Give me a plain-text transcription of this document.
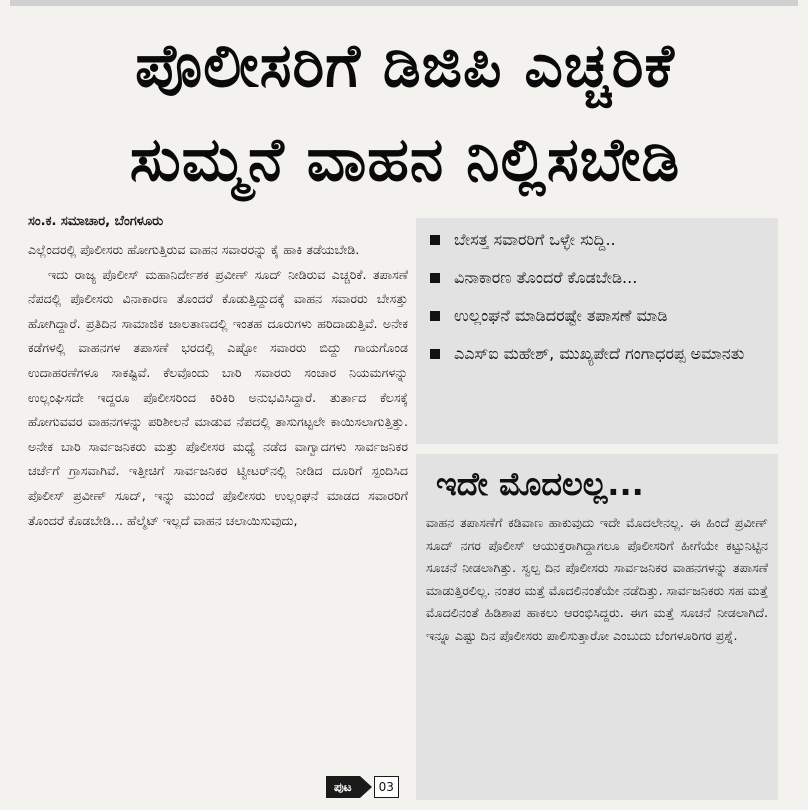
ಪೊಲೀಸರಿಗೆ ಡಿಜಿಪಿ ಎಚ್ಚರಿಕೆ
ಸುಮ್ಮನೆ ವಾಹನ ನಿಲ್ಲಿಸಬೇಡಿ
ಸಂ.ಕ. ಸಮಾಚಾರ, ಬೆಂಗಳೂರು

ಎಲ್ಲೆಂದರಲ್ಲಿ ಪೊಲೀಸರು ಹೋಗುತ್ತಿರುವ ವಾಹನ ಸವಾರರನ್ನು ಕೈ ಹಾಕಿ ತಡೆಯಬೇಡಿ.

ಇದು ರಾಜ್ಯ ಪೊಲೀಸ್ ಮಹಾನಿರ್ದೇಶಕ ಪ್ರವೀಣ್ ಸೂದ್ ನೀಡಿರುವ ಎಚ್ಚರಿಕೆ. ತಪಾಸಣೆ ನೆಪದಲ್ಲಿ ಪೊಲೀಸರು ವಿನಾಕಾರಣ ತೊಂದರೆ ಕೊಡುತ್ತಿದ್ದುದಕ್ಕೆ ವಾಹನ ಸವಾರರು ಬೇಸತ್ತು ಹೋಗಿದ್ದಾರೆ. ಪ್ರತಿದಿನ ಸಾಮಾಜಿಕ ಜಾಲತಾಣದಲ್ಲಿ ಇಂತಹ ದೂರುಗಳು ಹರಿದಾಡುತ್ತಿವೆ. ಅನೇಕ ಕಡೆಗಳಲ್ಲಿ ವಾಹನಗಳ ತಪಾಸಣೆ ಭರದಲ್ಲಿ ಎಷ್ಟೋ ಸವಾರರು ಬಿದ್ದು ಗಾಯಗೊಂಡ ಉದಾಹರಣೆಗಳೂ ಸಾಕಷ್ಟಿವೆ. ಕೆಲವೊಂದು ಬಾರಿ ಸವಾರರು ಸಂಚಾರ ನಿಯಮಗಳನ್ನು ಉಲ್ಲಂಘಿಸದೇ ಇದ್ದರೂ ಪೊಲೀಸರಿಂದ ಕಿರಿಕಿರಿ ಅನುಭವಿಸಿದ್ದಾರೆ. ತುರ್ತಾದ ಕೆಲಸಕ್ಕೆ ಹೋಗುವವರ ವಾಹನಗಳನ್ನು ಪರಿಶೀಲನೆ ಮಾಡುವ ನೆಪದಲ್ಲಿ ತಾಸುಗಟ್ಟಲೇ ಕಾಯಿಸಲಾಗುತ್ತಿತ್ತು. ಅನೇಕ ಬಾರಿ ಸಾರ್ವಜನಿಕರು ಮತ್ತು ಪೊಲೀಸರ ಮಧ್ಯೆ ನಡೆದ ವಾಗ್ವಾದಗಳು ಸಾರ್ವಜನಿಕರ ಚರ್ಚೆಗೆ ಗ್ರಾಸವಾಗಿವೆ. ಇತ್ತೀಚಿಗೆ ಸಾರ್ವಜನಿಕರ ಟ್ವೀಟರ್‌ನಲ್ಲಿ ನೀಡಿದ ದೂರಿಗೆ ಸ್ಪಂದಿಸಿದ ಪೊಲೀಸ್ ಪ್ರವೀಣ್ ಸೂದ್, ಇನ್ನು ಮುಂದೆ ಪೊಲೀಸರು ಉಲ್ಲಂಘನೆ ಮಾಡದ ಸವಾರರಿಗೆ ತೊಂದರೆ ಕೊಡಬೇಡಿ... ಹೆಲ್ಮೆಟ್ ಇಲ್ಲದೆ ವಾಹನ ಚಲಾಯಿಸುವುದು,

ಪುಟ	03
ಬೇಸತ್ತ ಸವಾರರಿಗೆ ಒಳ್ಳೇ ಸುದ್ದಿ..
ವಿನಾಕಾರಣ ತೊಂದರೆ ಕೊಡಬೇಡಿ...
ಉಲ್ಲಂಘನೆ ಮಾಡಿದರಷ್ಟೇ ತಪಾಸಣೆ ಮಾಡಿ
ಎಎಸ್‌ಐ ಮಹೇಶ್, ಮುಖ್ಯಪೇದೆ ಗಂಗಾಧರಪ್ಪ ಅಮಾನತು
ಇದೇ ಮೊದಲಲ್ಲ...
ವಾಹನ ತಪಾಸಣೆಗೆ ಕಡಿವಾಣ ಹಾಕುವುದು ಇದೇ ಮೊದಲೇನಲ್ಲ. ಈ ಹಿಂದೆ ಪ್ರವೀಣ್ ಸೂದ್ ನಗರ ಪೊಲೀಸ್ ಆಯುಕ್ತರಾಗಿದ್ದಾಗಲೂ ಪೊಲೀಸರಿಗೆ ಹೀಗೆಯೇ ಕಟ್ಟುನಿಟ್ಟಿನ ಸೂಚನೆ ನೀಡಲಾಗಿತ್ತು. ಸ್ವಲ್ಪ ದಿನ ಪೊಲೀಸರು ಸಾರ್ವಜನಿಕರ ವಾಹನಗಳನ್ನು ತಪಾಸಣೆ ಮಾಡುತ್ತಿರಲಿಲ್ಲ. ನಂತರ ಮತ್ತೆ ಮೊದಲಿನಂತೆಯೇ ನಡೆದಿತ್ತು. ಸಾರ್ವಜನಿಕರು ಸಹ ಮತ್ತೆ ಮೊದಲಿನಂತೆ ಹಿಡಿಶಾಪ ಹಾಕಲು ಆರಂಭಿಸಿದ್ದರು. ಈಗ ಮತ್ತೆ ಸೂಚನೆ ನೀಡಲಾಗಿದೆ. ಇನ್ನೂ ಎಷ್ಟು ದಿನ ಪೊಲೀಸರು ಪಾಲಿಸುತ್ತಾರೋ ಎಂಬುದು ಬೆಂಗಳೂರಿಗರ ಪ್ರಶ್ನೆ.
